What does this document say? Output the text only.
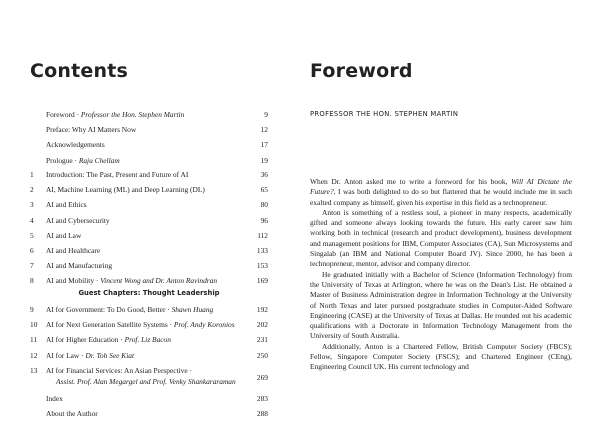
Contents
Foreword · Professor the Hon. Stephen Martin	9
Preface: Why AI Matters Now	12
Acknowledgements	17
Prologue · Raju Chellam	19
1	Introduction: The Past, Present and Future of AI	36
2	AI, Machine Learning (ML) and Deep Learning (DL)	65
3	AI and Ethics	80
4	AI and Cybersecurity	96
5	AI and Law	112
6	AI and Healthcare	133
7	AI and Manufacturing	153
8	AI and Mobility · Vincent Wong and Dr. Anton Ravindran	169
Guest Chapters: Thought Leadership
9	AI for Government: To Do Good, Better · Shawn Huang	192
10	AI for Next Generation Satellite Systems · Prof. Andy Koronios	202
11	AI for Higher Education · Prof. Liz Bacon	231
12	AI for Law · Dr. Toh See Kiat	250
13	AI for Financial Services: An Asian Perspective ·
Assist. Prof. Alan Megargel and Prof. Venky Shankararaman	269
Index	283
About the Author	288
Foreword
PROFESSOR THE HON. STEPHEN MARTIN

When Dr. Anton asked me to write a foreword for his book, Will AI Dictate the Future?, I was both delighted to do so but flattered that he would include me in such exalted company as himself, given his expertise in this field as a technopreneur.

Anton is something of a restless soul, a pioneer in many respects, academically gifted and someone always looking towards the future. His early career saw him working both in technical (research and product development), business development and management positions for IBM, Computer Associates (CA), Sun Microsystems and Singalab (an IBM and National Computer Board JV). Since 2000, he has been a technopreneur, mentor, advisor and company director.

He graduated initially with a Bachelor of Science (Information Technology) from the University of Texas at Arlington, where he was on the Dean's List. He obtained a Master of Business Administration degree in Information Technology at the University of North Texas and later pursued postgraduate studies in Computer-Aided Software Engineering (CASE) at the University of Texas at Dallas. He rounded out his academic qualifications with a Doctorate in Information Technology Management from the University of South Australia.

Additionally, Anton is a Chartered Fellow, British Computer Society (FBCS); Fellow, Singapore Computer Society (FSCS); and Chartered Engineer (CEng), Engineering Council UK. His current technology and
